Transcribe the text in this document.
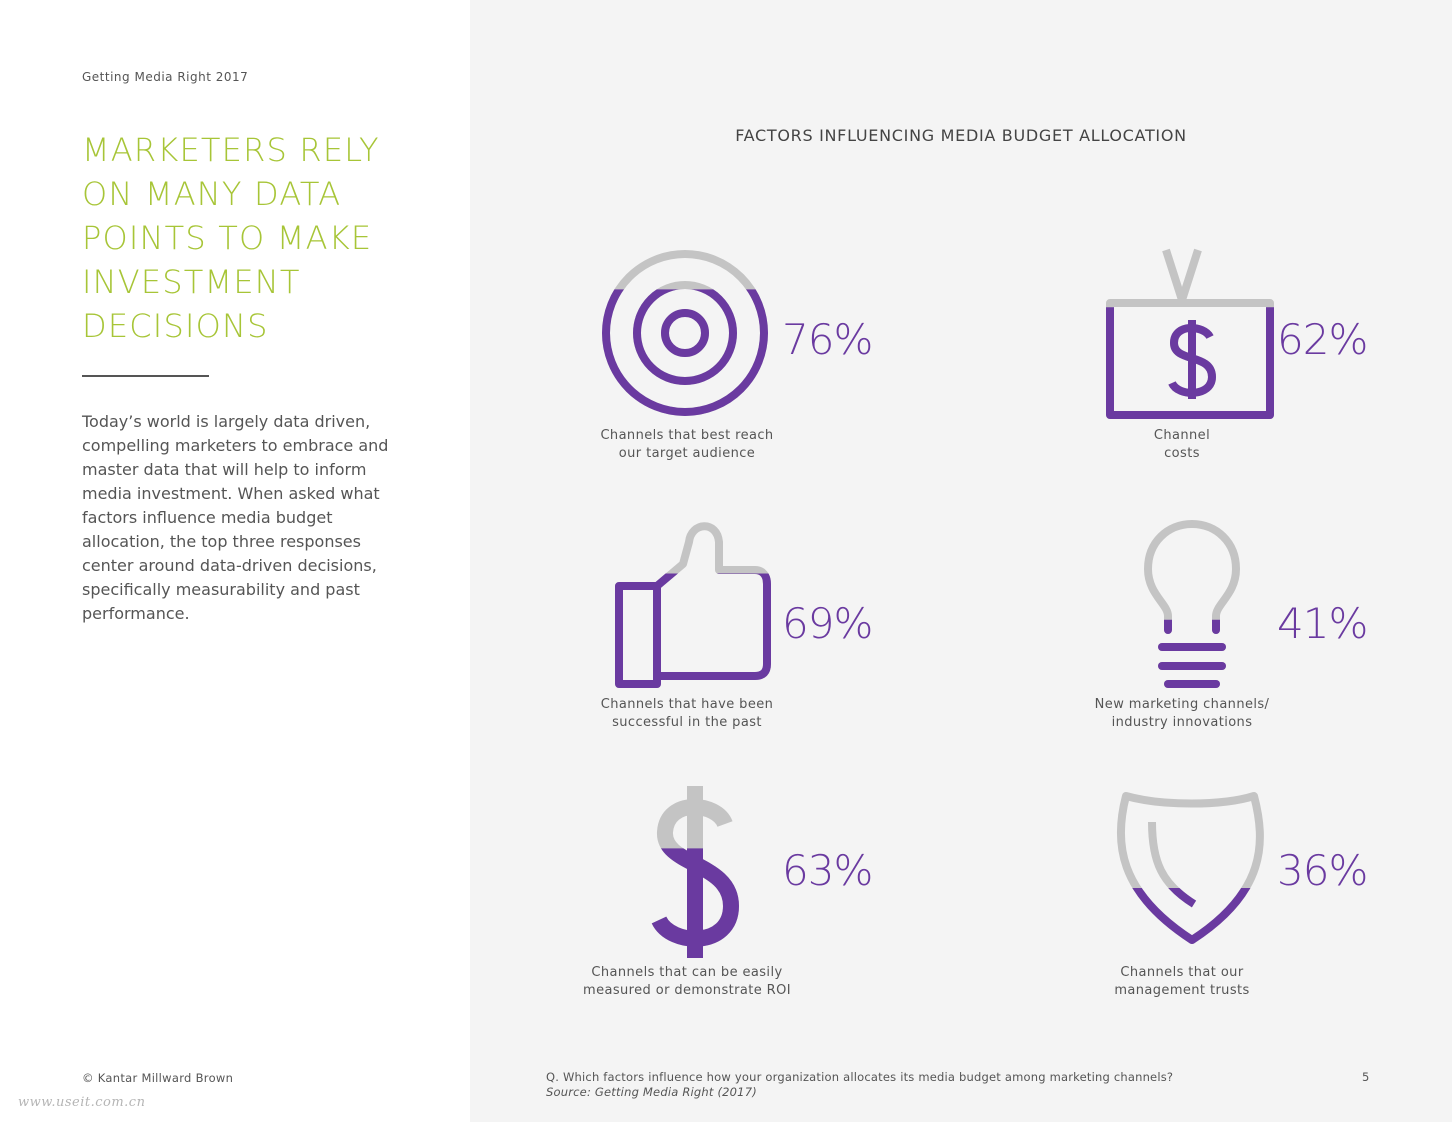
Getting Media Right 2017
MARKETERS RELY ON MANY DATA POINTS TO MAKE INVESTMENT DECISIONS
Today’s world is largely data driven, compelling marketers to embrace and master data that will help to inform media investment. When asked what factors influence media budget allocation, the top three responses center around data-driven decisions, specifically measurability and past performance.
© Kantar Millward Brown
www.useit.com.cn
FACTORS INFLUENCING MEDIA BUDGET ALLOCATION
76%
Channels that best reach
our target audience
62%
Channel
costs
69%
Channels that have been
successful in the past
41%
New marketing channels/
industry innovations
63%
Channels that can be easily
measured or demonstrate ROI
36%
Channels that our
management trusts
Q. Which factors influence how your organization allocates its media budget among marketing channels?
Source: Getting Media Right (2017)
5
